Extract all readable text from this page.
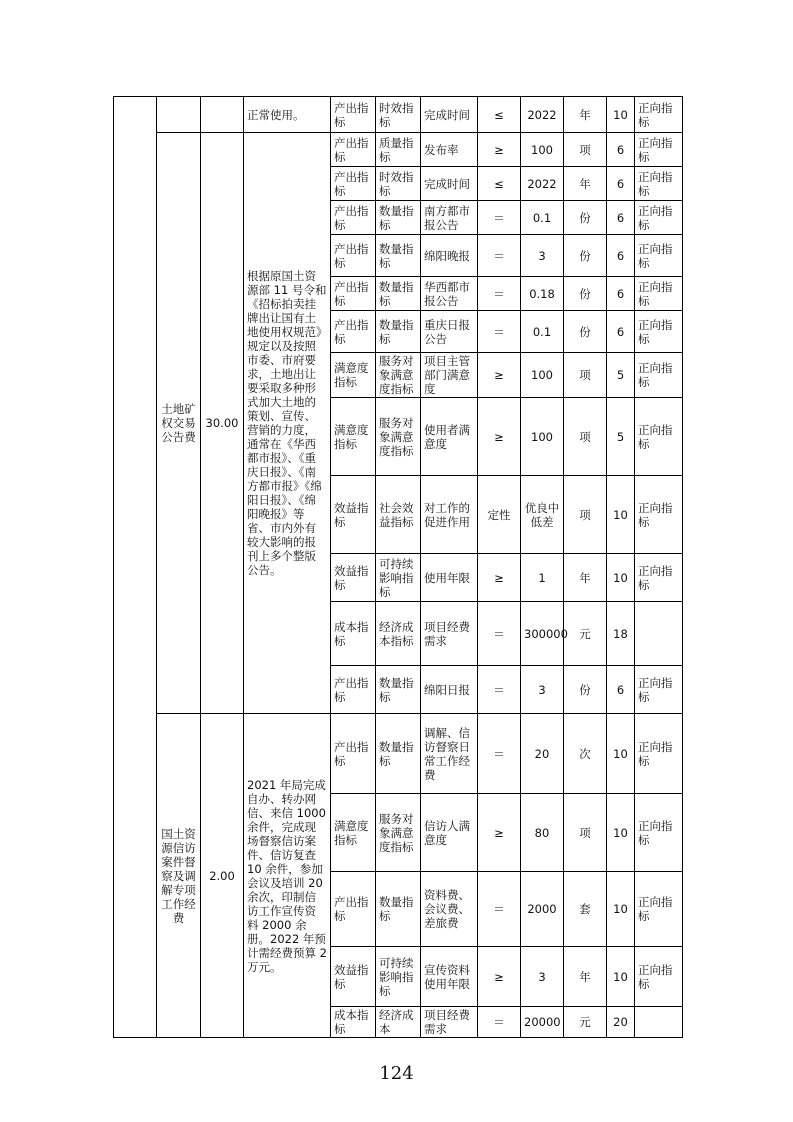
			正常使用。	产出指标	时效指标	完成时间	≤	2022	年	10	正向指标
	土地矿权交易公告费	30.00	根据原国土资源部 11 号令和《招标拍卖挂牌出让国有土地使用权规范》规定以及按照市委、市府要求，土地出让要采取多种形式加大土地的策划、宣传、营销的力度，通常在《华西都市报》、《重庆日报》、《南方都市报》《绵阳日报》、《绵阳晚报》等省、市内外有较大影响的报刊上多个整版公告。	产出指标	质量指标	发布率	≥	100	项	6	正向指标
				产出指标	时效指标	完成时间	≤	2022	年	6	正向指标
				产出指标	数量指标	南方都市报公告	＝	0.1	份	6	正向指标
				产出指标	数量指标	绵阳晚报	＝	3	份	6	正向指标
				产出指标	数量指标	华西都市报公告	＝	0.18	份	6	正向指标
				产出指标	数量指标	重庆日报公告	＝	0.1	份	6	正向指标
				满意度指标	服务对象满意度指标	项目主管部门满意度	≥	100	项	5	正向指标
				满意度指标	服务对象满意度指标	使用者满意度	≥	100	项	5	正向指标
				效益指标	社会效益指标	对工作的促进作用	定性	优良中低差	项	10	正向指标
				效益指标	可持续影响指标	使用年限	≥	1	年	10	正向指标
				成本指标	经济成本指标	项目经费需求	＝	300000	元	18	
				产出指标	数量指标	绵阳日报	＝	3	份	6	正向指标
	国土资源信访案件督察及调解专项工作经费	2.00	2021 年局完成自办、转办网信、来信 1000 余件，完成现场督察信访案件、信访复查 10 余件，参加会议及培训 20 余次，印制信访工作宣传资料 2000 余册。2022 年预计需经费预算 2 万元。	产出指标	数量指标	调解、信访督察日常工作经费	＝	20	次	10	正向指标
				满意度指标	服务对象满意度指标	信访人满意度	≥	80	项	10	正向指标
				产出指标	数量指标	资料费、会议费、差旅费	＝	2000	套	10	正向指标
				效益指标	可持续影响指标	宣传资料使用年限	≥	3	年	10	正向指标
				成本指标	经济成本	项目经费需求	＝	20000	元	20	
124
